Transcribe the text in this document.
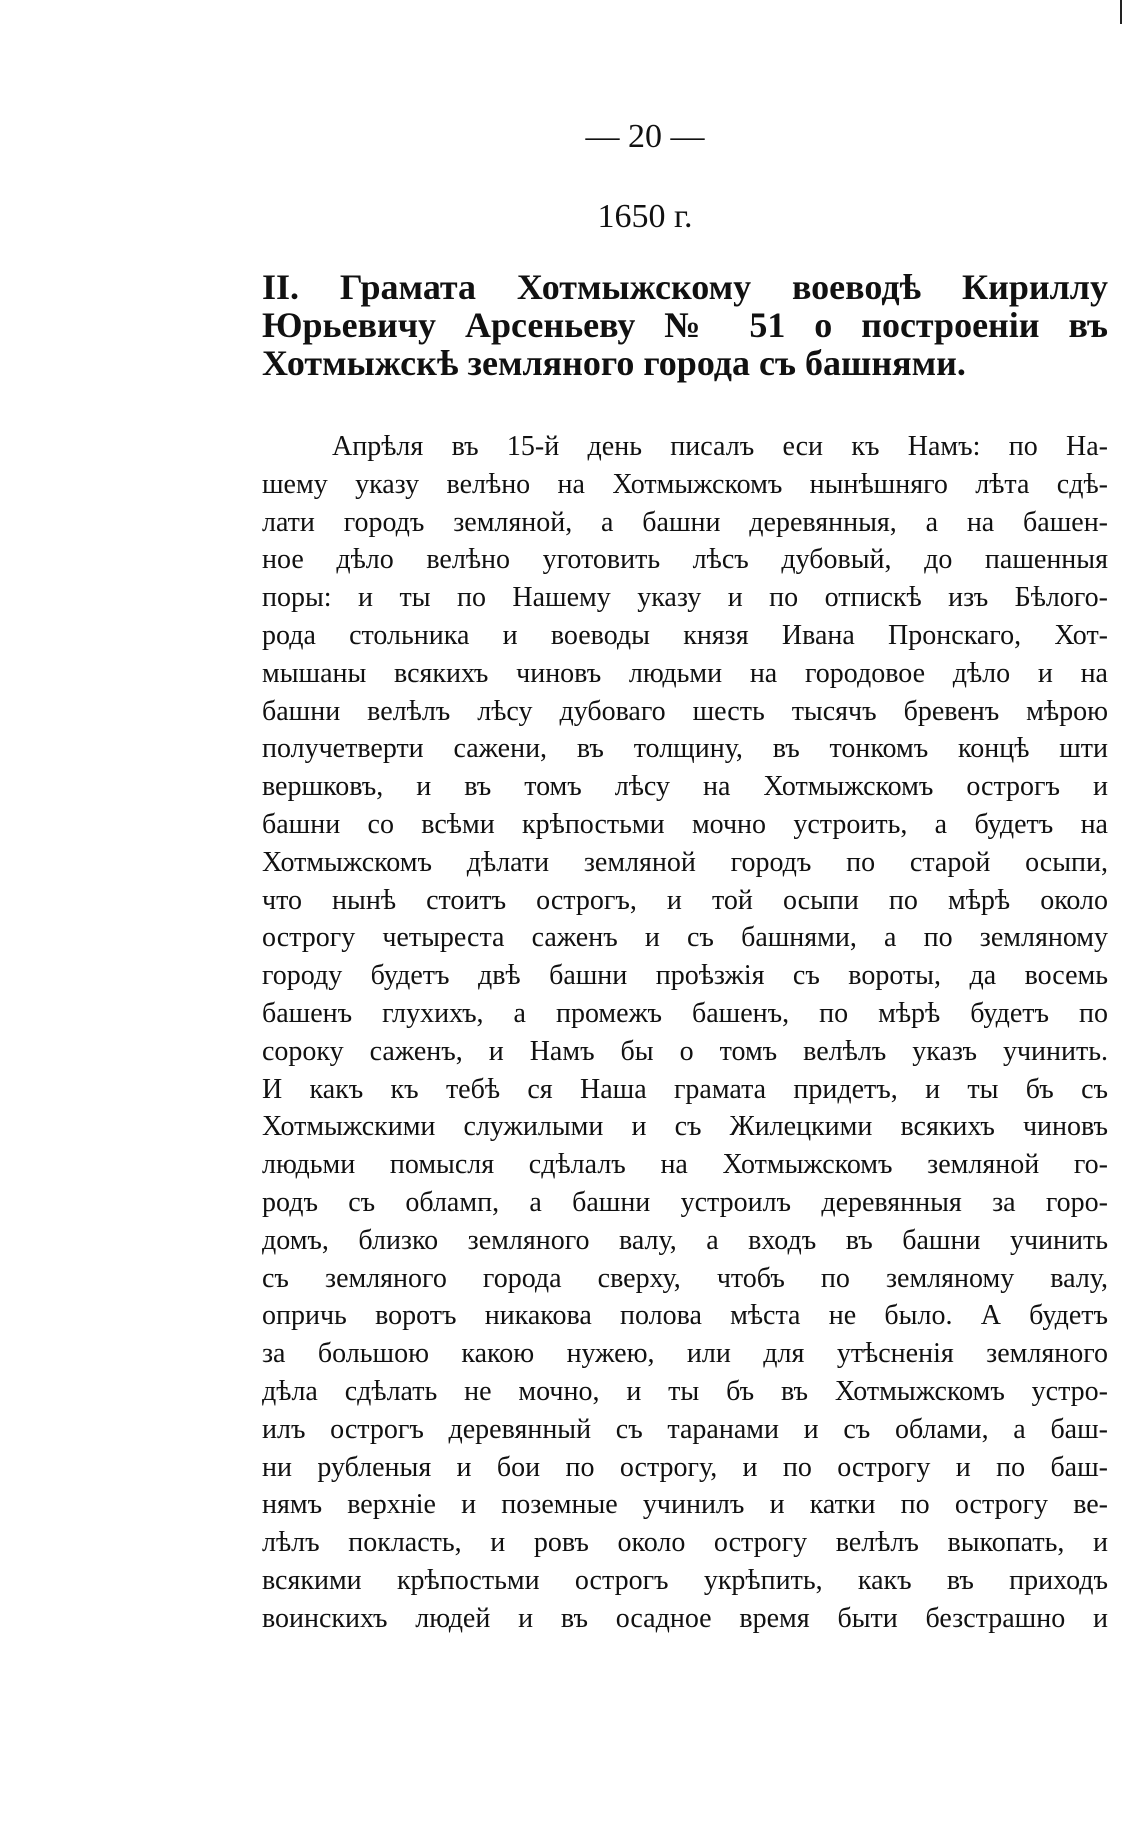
— 20 —
1650 г.
II. Грамата Хотмыжскому воеводѣ Кириллу
Юрьевичу Арсеньеву № 51 о построеніи въ
Хотмыжскѣ земляного города съ башнями.
Апрѣля въ 15-й день писалъ еси къ Намъ: по На-
шему указу велѣно на Хотмыжскомъ нынѣшняго лѣта сдѣ-
лати городъ земляной, а башни деревянныя, а на башен-
ное дѣло велѣно уготовить лѣсъ дубовый, до пашенныя
поры: и ты по Нашему указу и по отпискѣ изъ Бѣлого-
рода стольника и воеводы князя Ивана Пронскаго, Хот-
мышаны всякихъ чиновъ людьми на городовое дѣло и на
башни велѣлъ лѣсу дубоваго шесть тысячъ бревенъ мѣрою
получетверти сажени, въ толщину, въ тонкомъ концѣ шти
вершковъ, и въ томъ лѣсу на Хотмыжскомъ острогъ и
башни со всѣми крѣпостьми мочно устроить, а будетъ на
Хотмыжскомъ дѣлати земляной городъ по старой осыпи,
что нынѣ стоитъ острогъ, и той осыпи по мѣрѣ около
острогу четыреста саженъ и съ башнями, а по земляному
городу будетъ двѣ башни проѣзжія съ вороты, да восемь
башенъ глухихъ, а промежъ башенъ, по мѣрѣ будетъ по
сороку саженъ, и Намъ бы о томъ велѣлъ указъ учинить.
И какъ къ тебѣ ся Наша грамата придетъ, и ты бъ съ
Хотмыжскими служилыми и съ Жилецкими всякихъ чиновъ
людьми помысля сдѣлалъ на Хотмыжскомъ земляной го-
родъ съ обламп, а башни устроилъ деревянныя за горо-
домъ, близко земляного валу, а входъ въ башни учинить
съ земляного города сверху, чтобъ по земляному валу,
опричь воротъ никакова полова мѣста не было. А будетъ
за большою какою нужею, или для утѣсненія земляного
дѣла сдѣлать не мочно, и ты бъ въ Хотмыжскомъ устро-
илъ острогъ деревянный съ таранами и съ облами, а баш-
ни рубленыя и бои по острогу, и по острогу и по баш-
нямъ верхніе и поземные учинилъ и катки по острогу ве-
лѣлъ покласть, и ровъ около острогу велѣлъ выкопать, и
всякими крѣпостьми острогъ укрѣпить, какъ въ приходъ
воинскихъ людей и въ осадное время быти безстрашно и
